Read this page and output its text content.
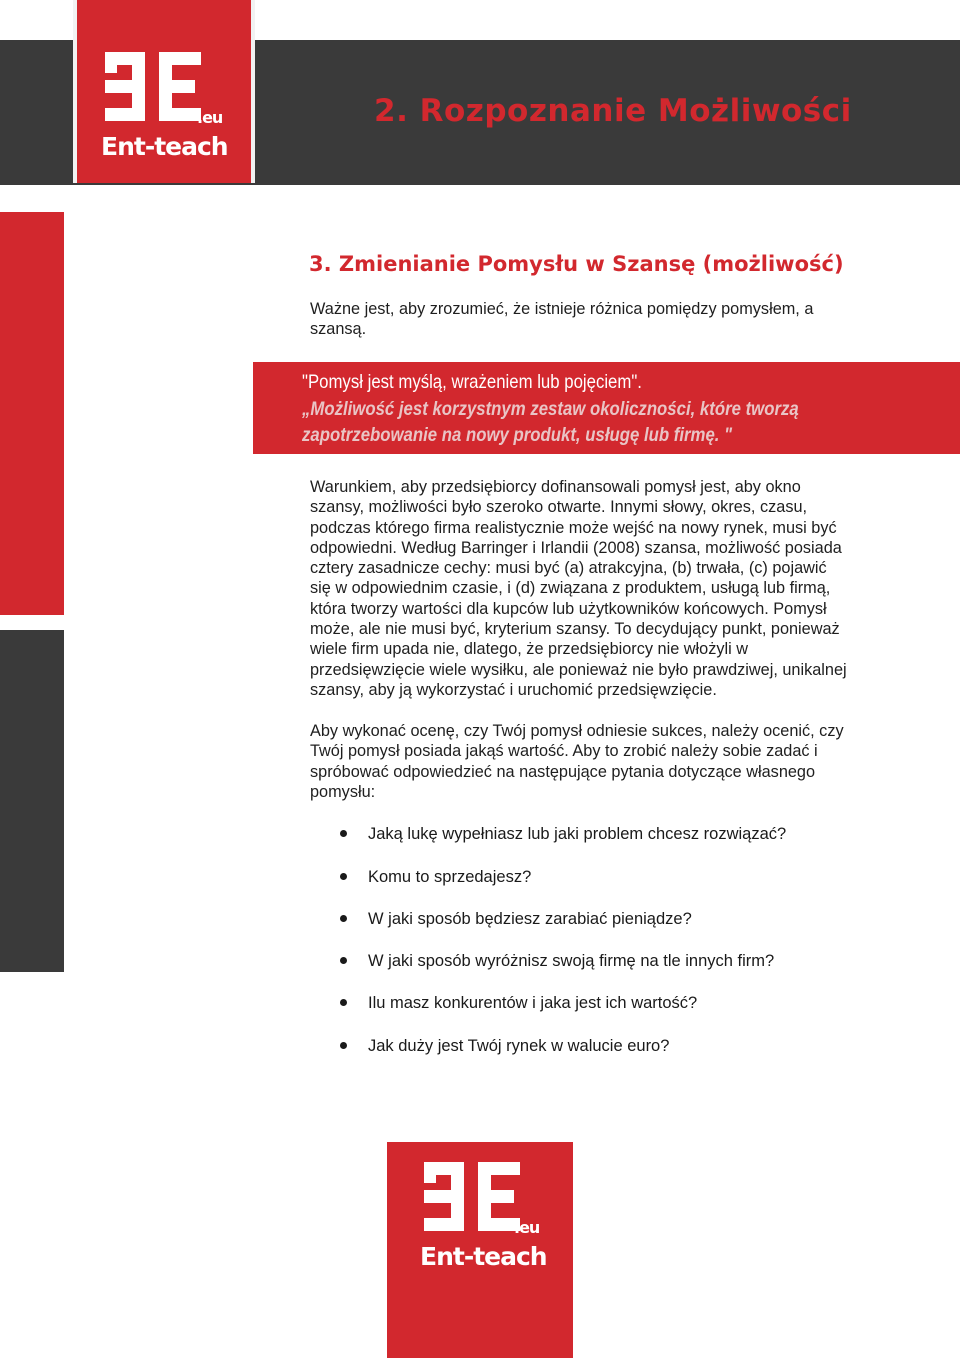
.eu
Ent-teach
2. Rozpoznanie Możliwości
3. Zmienianie Pomysłu w Szansę (możliwość)

Ważne jest, aby zrozumieć, że istnieje różnica pomiędzy pomysłem, a
szansą.

"Pomysł jest myślą, wrażeniem lub pojęciem".

„Możliwość jest korzystnym zestaw okoliczności, które tworzą

zapotrzebowanie na nowy produkt, usługę lub firmę. "

Warunkiem, aby przedsiębiorcy dofinansowali pomysł jest, aby okno
szansy, możliwości było szeroko otwarte. Innymi słowy, okres, czasu,
podczas którego firma realistycznie może wejść na nowy rynek, musi być
odpowiedni. Według Barringer i Irlandii (2008) szansa, możliwość posiada
cztery zasadnicze cechy: musi być (a) atrakcyjna, (b) trwała, (c) pojawić
się w odpowiednim czasie, i (d) związana z produktem, usługą lub firmą,
która tworzy wartości dla kupców lub użytkowników końcowych. Pomysł
może, ale nie musi być, kryterium szansy. To decydujący punkt, ponieważ
wiele firm upada nie, dlatego, że przedsiębiorcy nie włożyli w
przedsięwzięcie wiele wysiłku, ale ponieważ nie było prawdziwej, unikalnej
szansy, aby ją wykorzystać i uruchomić przedsięwzięcie.

Aby wykonać ocenę, czy Twój pomysł odniesie sukces, należy ocenić, czy
Twój pomysł posiada jakąś wartość. Aby to zrobić należy sobie zadać i
spróbować odpowiedzieć na następujące pytania dotyczące własnego
pomysłu:

Jaką lukę wypełniasz lub jaki problem chcesz rozwiązać?
Komu to sprzedajesz?
W jaki sposób będziesz zarabiać pieniądze?
W jaki sposób wyróżnisz swoją firmę na tle innych firm?
Ilu masz konkurentów i jaka jest ich wartość?
Jak duży jest Twój rynek w walucie euro?
.eu
Ent-teach
